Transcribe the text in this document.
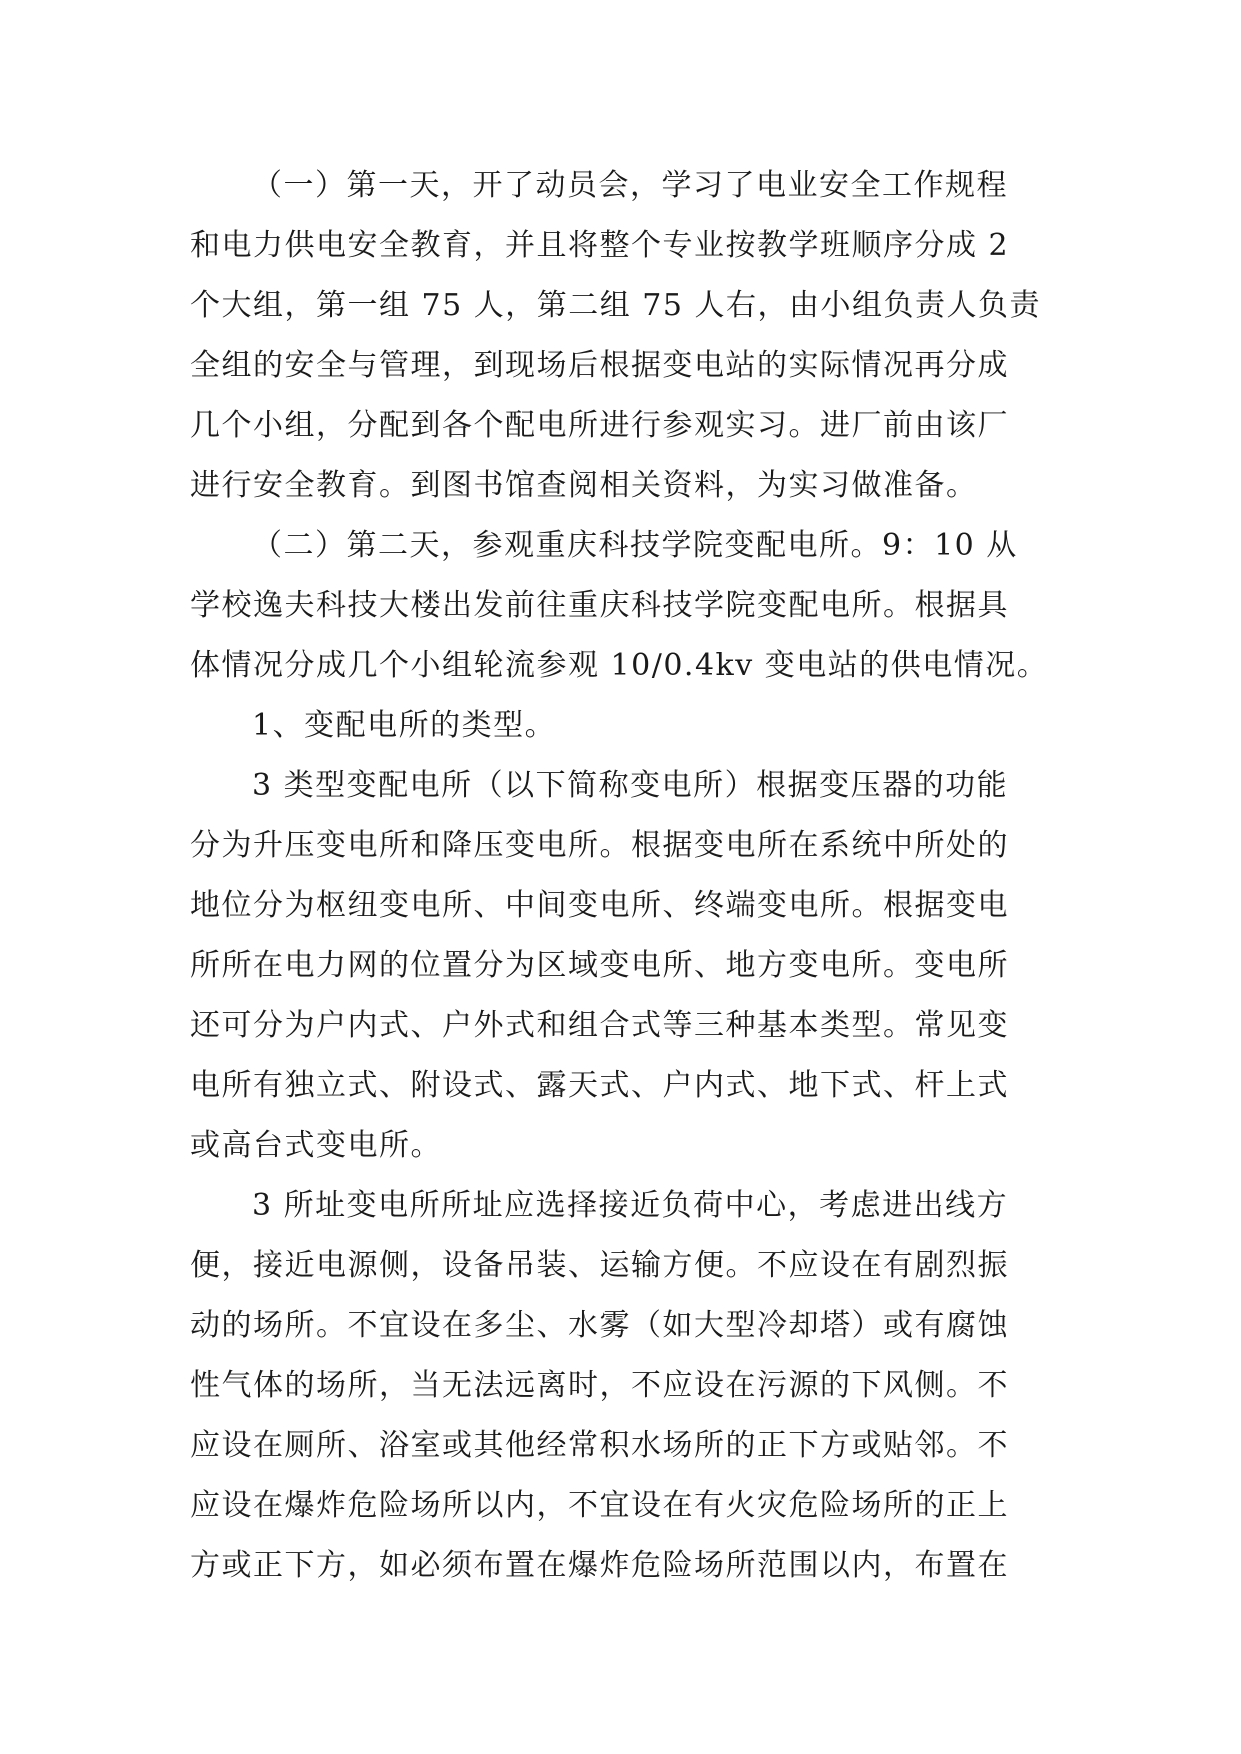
（一）第一天，开了动员会，学习了电业安全工作规程
和电力供电安全教育，并且将整个专业按教学班顺序分成 2
个大组，第一组 75 人，第二组 75 人右，由小组负责人负责
全组的安全与管理，到现场后根据变电站的实际情况再分成
几个小组，分配到各个配电所进行参观实习。进厂前由该厂
进行安全教育。到图书馆查阅相关资料，为实习做准备。
（二）第二天，参观重庆科技学院变配电所。9：10 从
学校逸夫科技大楼出发前往重庆科技学院变配电所。根据具
体情况分成几个小组轮流参观 10/0.4kv 变电站的供电情况。
1、变配电所的类型。
3 类型变配电所（以下简称变电所）根据变压器的功能
分为升压变电所和降压变电所。根据变电所在系统中所处的
地位分为枢纽变电所、中间变电所、终端变电所。根据变电
所所在电力网的位置分为区域变电所、地方变电所。变电所
还可分为户内式、户外式和组合式等三种基本类型。常见变
电所有独立式、附设式、露天式、户内式、地下式、杆上式
或高台式变电所。
3 所址变电所所址应选择接近负荷中心，考虑进出线方
便，接近电源侧，设备吊装、运输方便。不应设在有剧烈振
动的场所。不宜设在多尘、水雾（如大型冷却塔）或有腐蚀
性气体的场所，当无法远离时，不应设在污源的下风侧。不
应设在厕所、浴室或其他经常积水场所的正下方或贴邻。不
应设在爆炸危险场所以内，不宜设在有火灾危险场所的正上
方或正下方，如必须布置在爆炸危险场所范围以内，布置在
